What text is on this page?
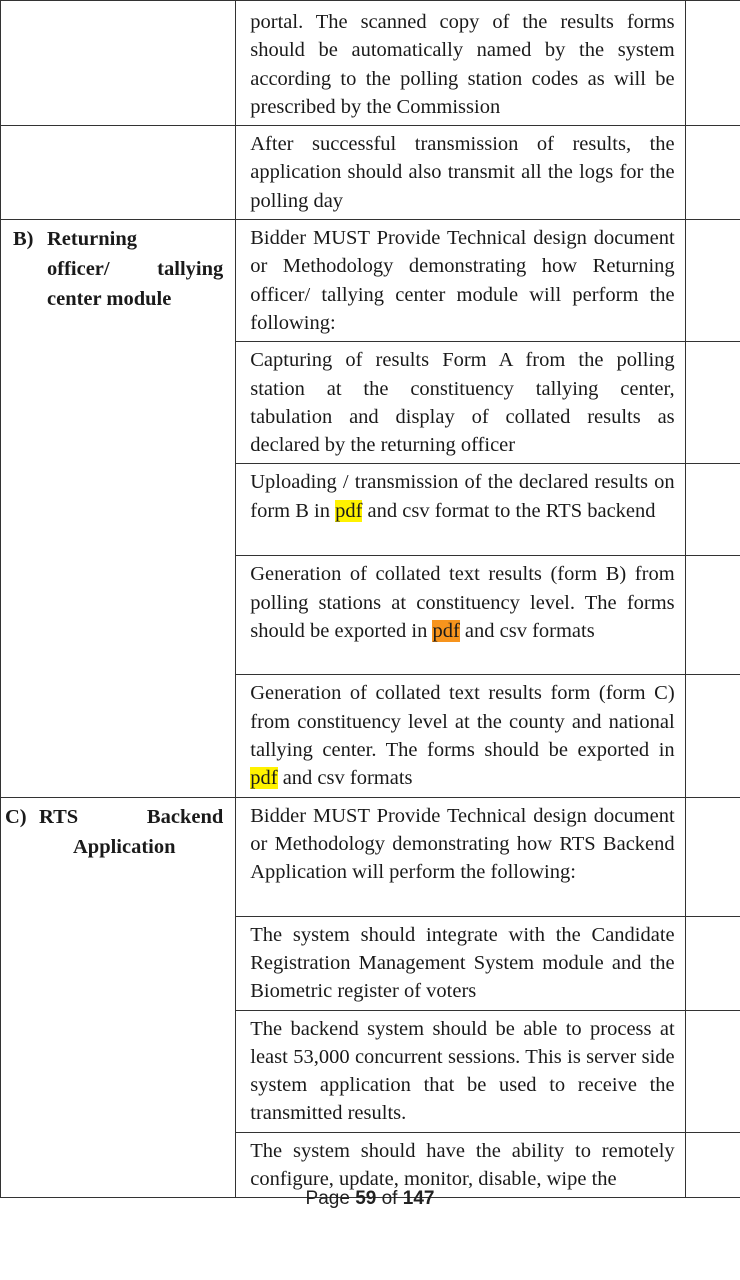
	portal. The scanned copy of the results forms should be automatically named by the system according to the polling station codes as will be prescribed by the Commission	

	After successful transmission of results, the application should also transmit all the logs for the polling day	

B) Returning
officer/ tallying
center module	Bidder MUST Provide Technical design document or Methodology demonstrating how Returning officer/ tallying center module will perform the following:	

	Capturing of results Form A from the polling station at the constituency tallying center, tabulation and display of collated results as declared by the returning officer	

	Uploading / transmission of the declared results on form B in pdf and csv format to the RTS backend	

	Generation of collated text results (form B) from polling stations at constituency level. The forms should be exported in pdf and csv formats	

	Generation of collated text results form (form C) from constituency level at the county and national tallying center. The forms should be exported in pdf and csv formats	

C) RTS Backend
Application	Bidder MUST Provide Technical design document or Methodology demonstrating how RTS Backend Application will perform the following:	

	The system should integrate with the Candidate Registration Management System module and the Biometric register of voters	

	The backend system should be able to process at least 53,000 concurrent sessions. This is server side system application that be used to receive the transmitted results.	

	The system should have the ability to remotely configure, update, monitor, disable, wipe the	

Page 59 of 147
